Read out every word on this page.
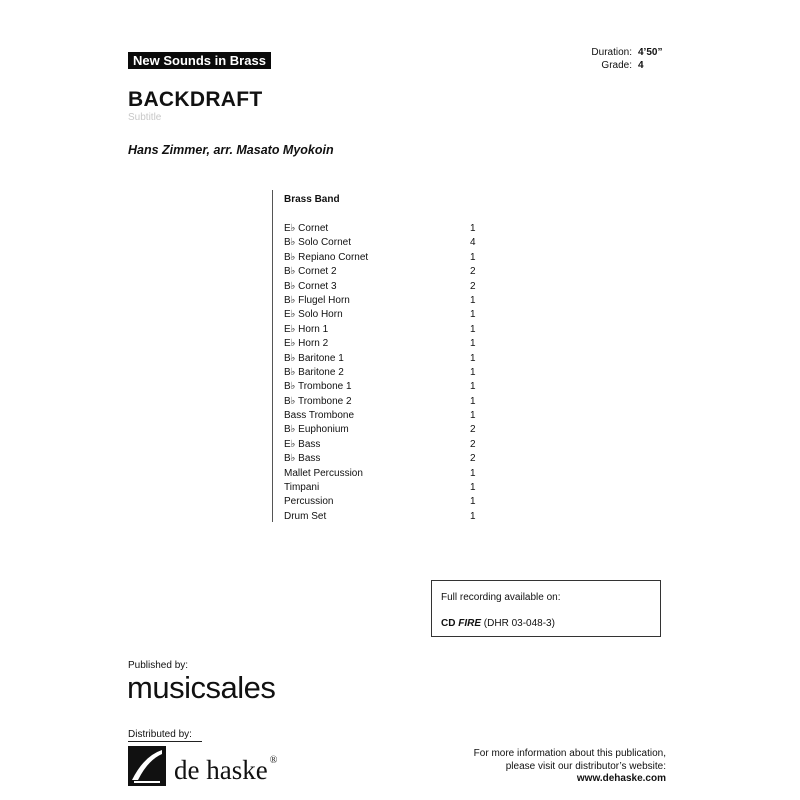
New Sounds in Brass
Duration: 4’50”
Grade: 4
BACKDRAFT
Subtitle
Hans Zimmer, arr. Masato Myokoin
Brass Band
E♭ Cornet	1
B♭ Solo Cornet	4
B♭ Repiano Cornet	1
B♭ Cornet 2	2
B♭ Cornet 3	2
B♭ Flugel Horn	1
E♭ Solo Horn	1
E♭ Horn 1	1
E♭ Horn 2	1
B♭ Baritone 1	1
B♭ Baritone 2	1
B♭ Trombone 1	1
B♭ Trombone 2	1
Bass Trombone	1
B♭ Euphonium	2
E♭ Bass	2
B♭ Bass	2
Mallet Percussion	1
Timpani	1
Percussion	1
Drum Set	1
Full recording available on:
CD FIRE (DHR 03-048-3)
Published by:
musicsales
Distributed by:
de haske ®
For more information about this publication,
please visit our distributor’s website:
www.dehaske.com
